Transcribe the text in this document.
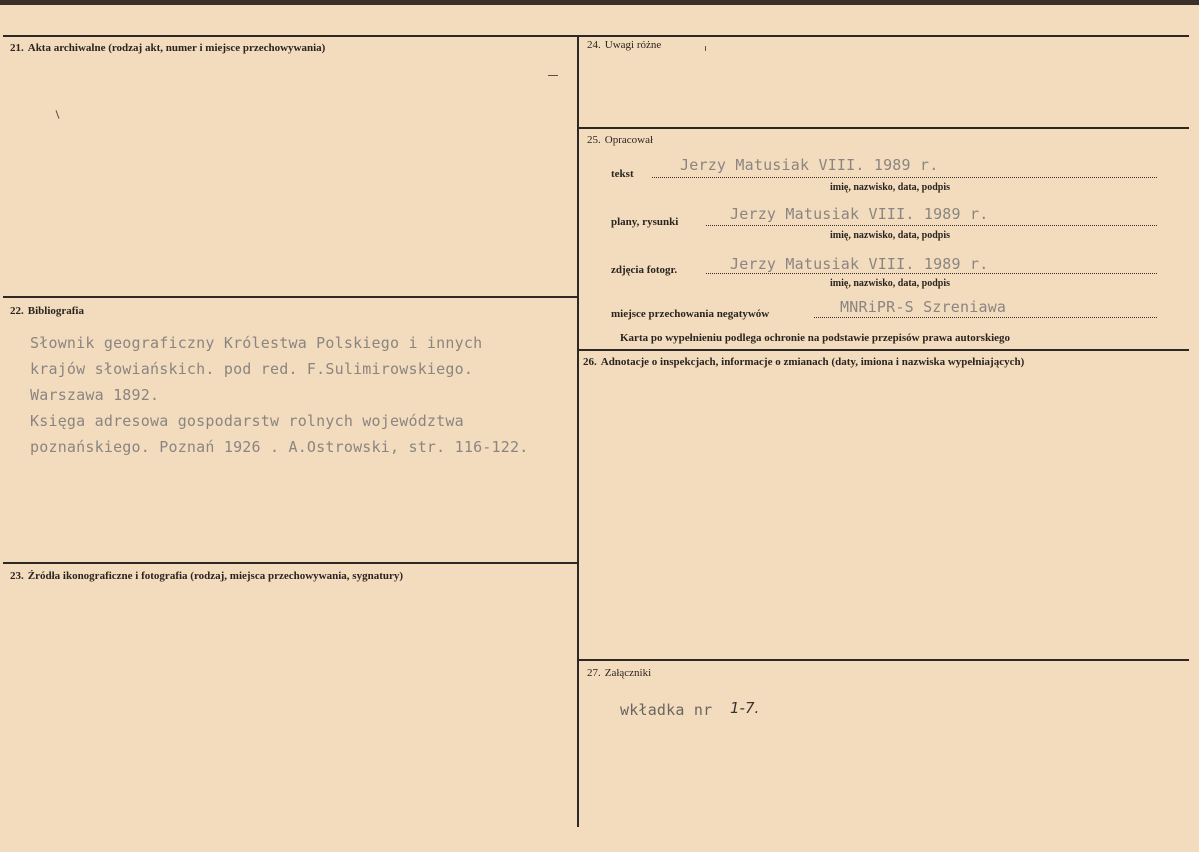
21. Akta archiwalne (rodzaj akt, numer i miejsce przechowywania)
22. Bibliografia
Słownik geograficzny Królestwa Polskiego i innych
krajów słowiańskich. pod red. F.Sulimirowskiego.
Warszawa 1892.
Księga adresowa gospodarstw rolnych województwa
poznańskiego. Poznań 1926 . A.Ostrowski, str. 116-122.
23. Źródła ikonograficzne i fotografia (rodzaj, miejsca przechowywania, sygnatury)
24. Uwagi różne
25. Opracował
tekst	Jerzy Matusiak VIII. 1989 r.
imię, nazwisko, data, podpis
plany, rysunki	Jerzy Matusiak VIII. 1989 r.
imię, nazwisko, data, podpis
zdjęcia fotogr.	Jerzy Matusiak VIII. 1989 r.
imię, nazwisko, data, podpis
miejsce przechowania negatywów	MNRiPR-S Szreniawa
Karta po wypełnieniu podlega ochronie na podstawie przepisów prawa autorskiego
26. Adnotacje o inspekcjach, informacje o zmianach (daty, imiona i nazwiska wypełniających)
27. Załączniki
wkładka nr 1-7.
